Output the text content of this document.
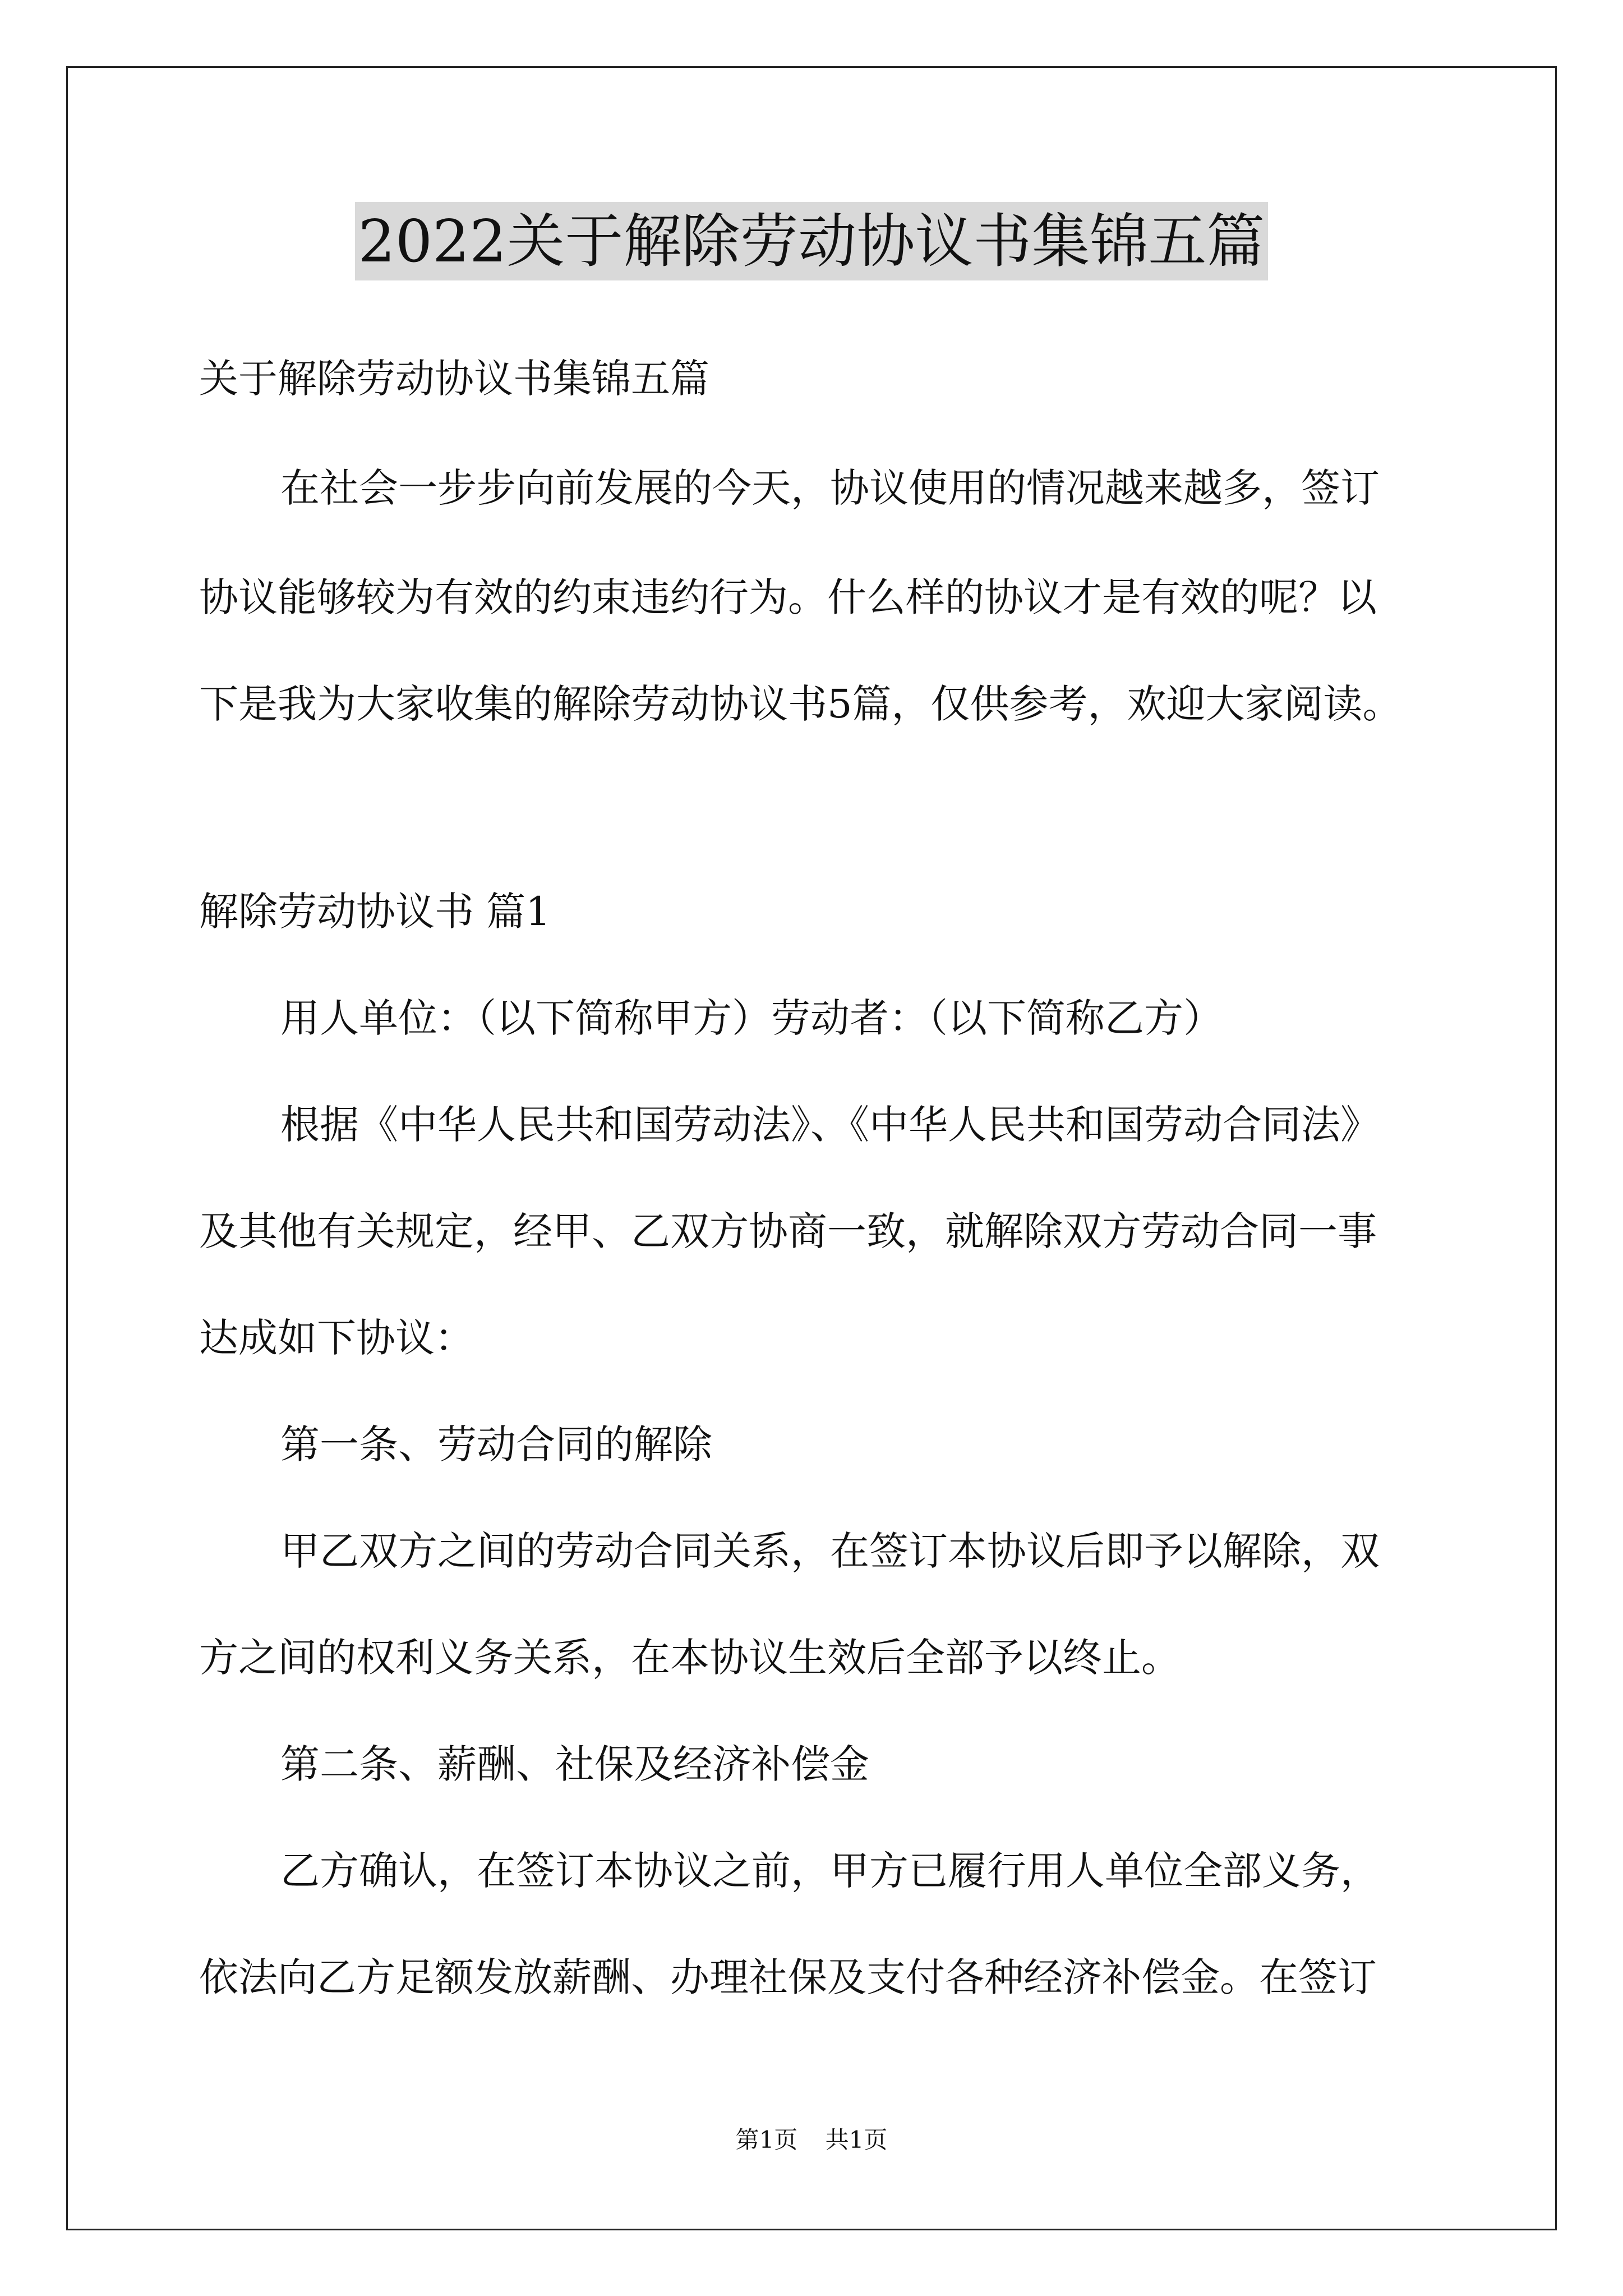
2022关于解除劳动协议书集锦五篇
关于解除劳动协议书集锦五篇
在社会一步步向前发展的今天，协议使用的情况越来越多，签订
协议能够较为有效的约束违约行为。什么样的协议才是有效的呢？以
下是我为大家收集的解除劳动协议书5篇，仅供参考，欢迎大家阅读。
解除劳动协议书 篇1
用人单位：（以下简称甲方）劳动者：（以下简称乙方）
根据《中华人民共和国劳动法》、《中华人民共和国劳动合同法》
及其他有关规定，经甲、乙双方协商一致，就解除双方劳动合同一事
达成如下协议：
第一条、劳动合同的解除
甲乙双方之间的劳动合同关系，在签订本协议后即予以解除，双
方之间的权利义务关系，在本协议生效后全部予以终止。
第二条、薪酬、社保及经济补偿金
乙方确认，在签订本协议之前，甲方已履行用人单位全部义务，
依法向乙方足额发放薪酬、办理社保及支付各种经济补偿金。在签订
第1页 共1页
